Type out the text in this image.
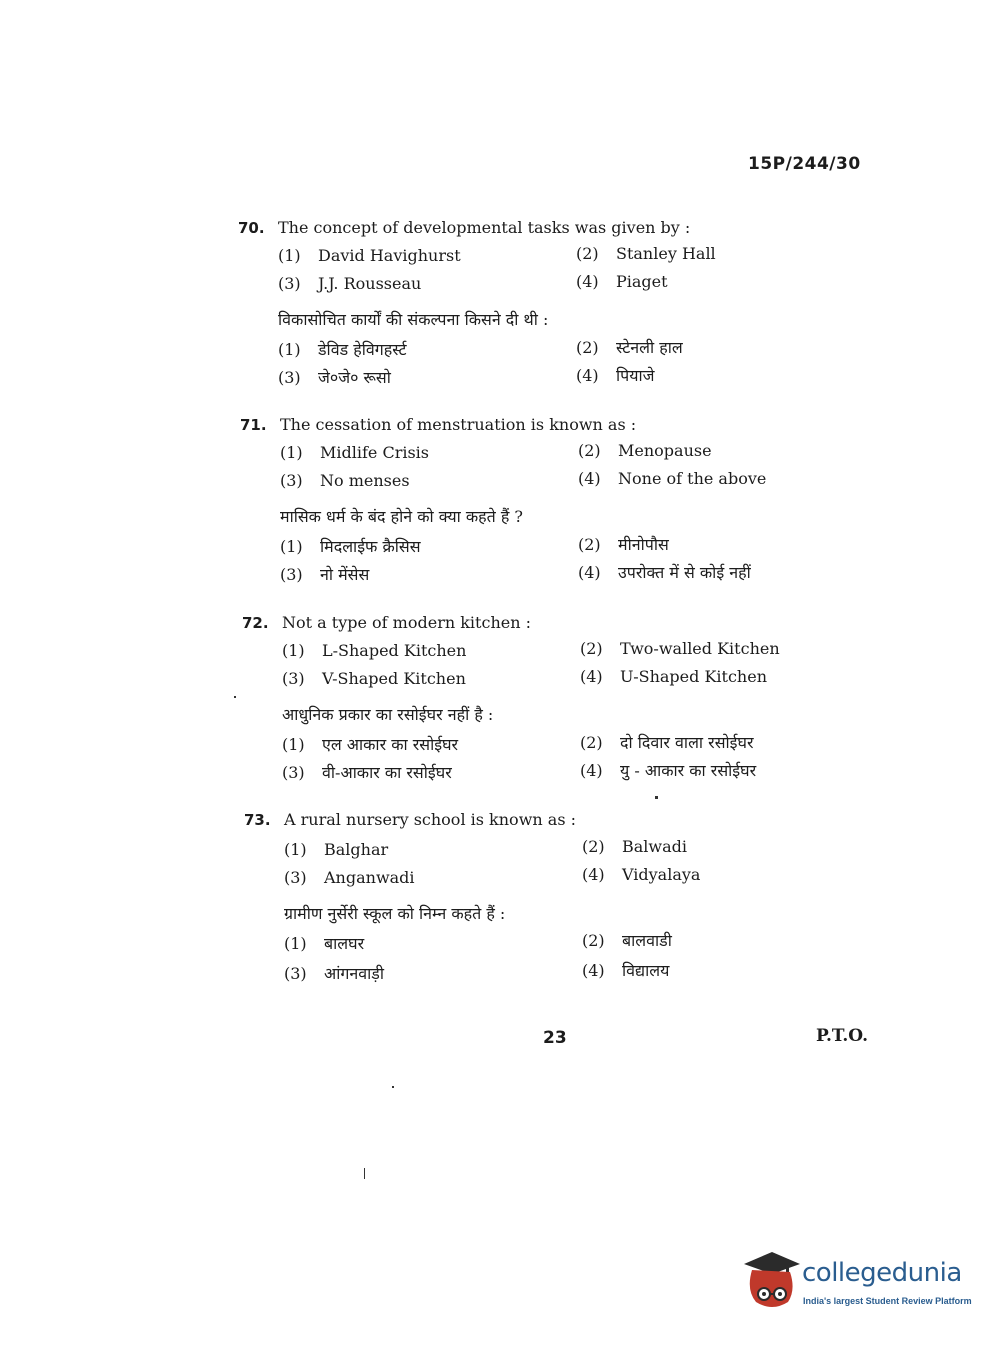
15P/244/30
70. The concept of developmental tasks was given by :
(1) David Havighurst	(2) Stanley Hall
(3) J.J. Rousseau	(4) Piaget
विकासोचित कार्यों की संकल्पना किसने दी थी :
(1) डेविड हेविगहर्स्ट	(2) स्टेनली हाल
(3) जे०जे० रूसो	(4) पियाजे
71. The cessation of menstruation is known as :
(1) Midlife Crisis	(2) Menopause
(3) No menses	(4) None of the above
मासिक धर्म के बंद होने को क्या कहते हैं ?
(1) मिदलाईफ क्रैसिस	(2) मीनोपौस
(3) नो मेंसेस	(4) उपरोक्त में से कोई नहीं
72. Not a type of modern kitchen :
(1) L-Shaped Kitchen	(2) Two-walled Kitchen
(3) V-Shaped Kitchen	(4) U-Shaped Kitchen
आधुनिक प्रकार का रसोईघर नहीं है :
(1) एल आकार का रसोईघर	(2) दो दिवार वाला रसोईघर
(3) वी-आकार का रसोईघर	(4) यु - आकार का रसोईघर
73. A rural nursery school is known as :
(1) Balghar	(2) Balwadi
(3) Anganwadi	(4) Vidyalaya
ग्रामीण नुर्सेरी स्कूल को निम्न कहते हैं :
(1) बालघर	(2) बालवाडी
(3) आंगनवाड़ी	(4) विद्यालय
23	P.T.O.
collegedunia
India's largest Student Review Platform
